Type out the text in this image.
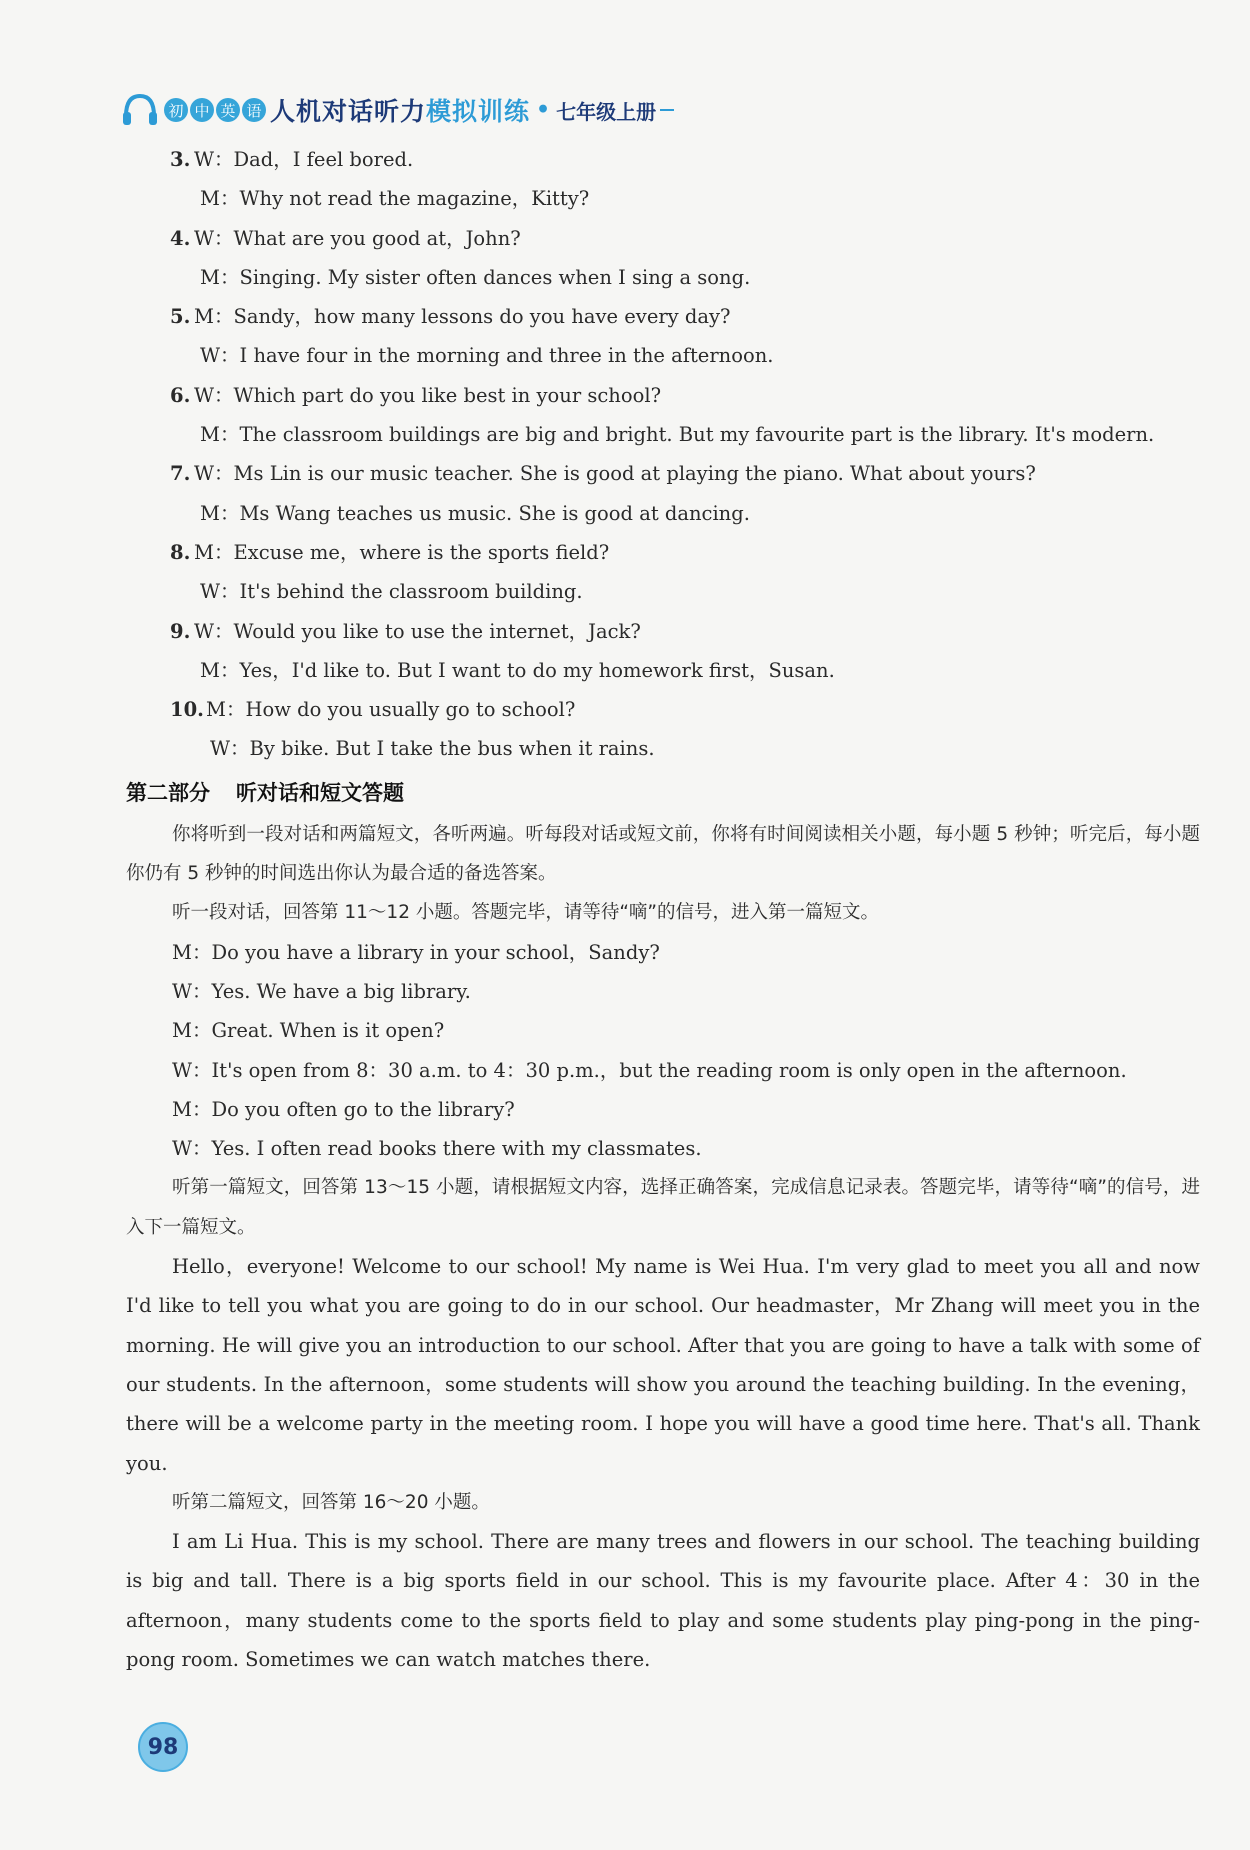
初 中 英 语 人机对话听力 模拟训练 • 七年级上册
3. W：Dad，I feel bored.
M：Why not read the magazine，Kitty?
4. W：What are you good at，John?
M：Singing. My sister often dances when I sing a song.
5. M：Sandy，how many lessons do you have every day?
W：I have four in the morning and three in the afternoon.
6. W：Which part do you like best in your school?
M：The classroom buildings are big and bright. But my favourite part is the library. It's modern.
7. W：Ms Lin is our music teacher. She is good at playing the piano. What about yours?
M：Ms Wang teaches us music. She is good at dancing.
8. M：Excuse me，where is the sports field?
W：It's behind the classroom building.
9. W：Would you like to use the internet，Jack?
M：Yes，I'd like to. But I want to do my homework first，Susan.
10. M：How do you usually go to school?
W：By bike. But I take the bus when it rains.
第二部分 听对话和短文答题
你将听到一段对话和两篇短文，各听两遍。听每段对话或短文前，你将有时间阅读相关小题，每小题 5 秒钟；听完后，每小题你仍有 5 秒钟的时间选出你认为最合适的备选答案。
听一段对话，回答第 11～12 小题。答题完毕，请等待“嘀”的信号，进入第一篇短文。
M：Do you have a library in your school，Sandy?
W：Yes. We have a big library.
M：Great. When is it open?
W：It's open from 8：30 a.m. to 4：30 p.m.，but the reading room is only open in the afternoon.
M：Do you often go to the library?
W：Yes. I often read books there with my classmates.
听第一篇短文，回答第 13～15 小题，请根据短文内容，选择正确答案，完成信息记录表。答题完毕，请等待“嘀”的信号，进入下一篇短文。
Hello，everyone! Welcome to our school! My name is Wei Hua. I'm very glad to meet you all and now I'd like to tell you what you are going to do in our school. Our headmaster，Mr Zhang will meet you in the morning. He will give you an introduction to our school. After that you are going to have a talk with some of our students. In the afternoon，some students will show you around the teaching building. In the evening，there will be a welcome party in the meeting room. I hope you will have a good time here. That's all. Thank you.
听第二篇短文，回答第 16～20 小题。
I am Li Hua. This is my school. There are many trees and flowers in our school. The teaching building is big and tall. There is a big sports field in our school. This is my favourite place. After 4：30 in the afternoon，many students come to the sports field to play and some students play ping-pong in the ping-pong room. Sometimes we can watch matches there.
98
